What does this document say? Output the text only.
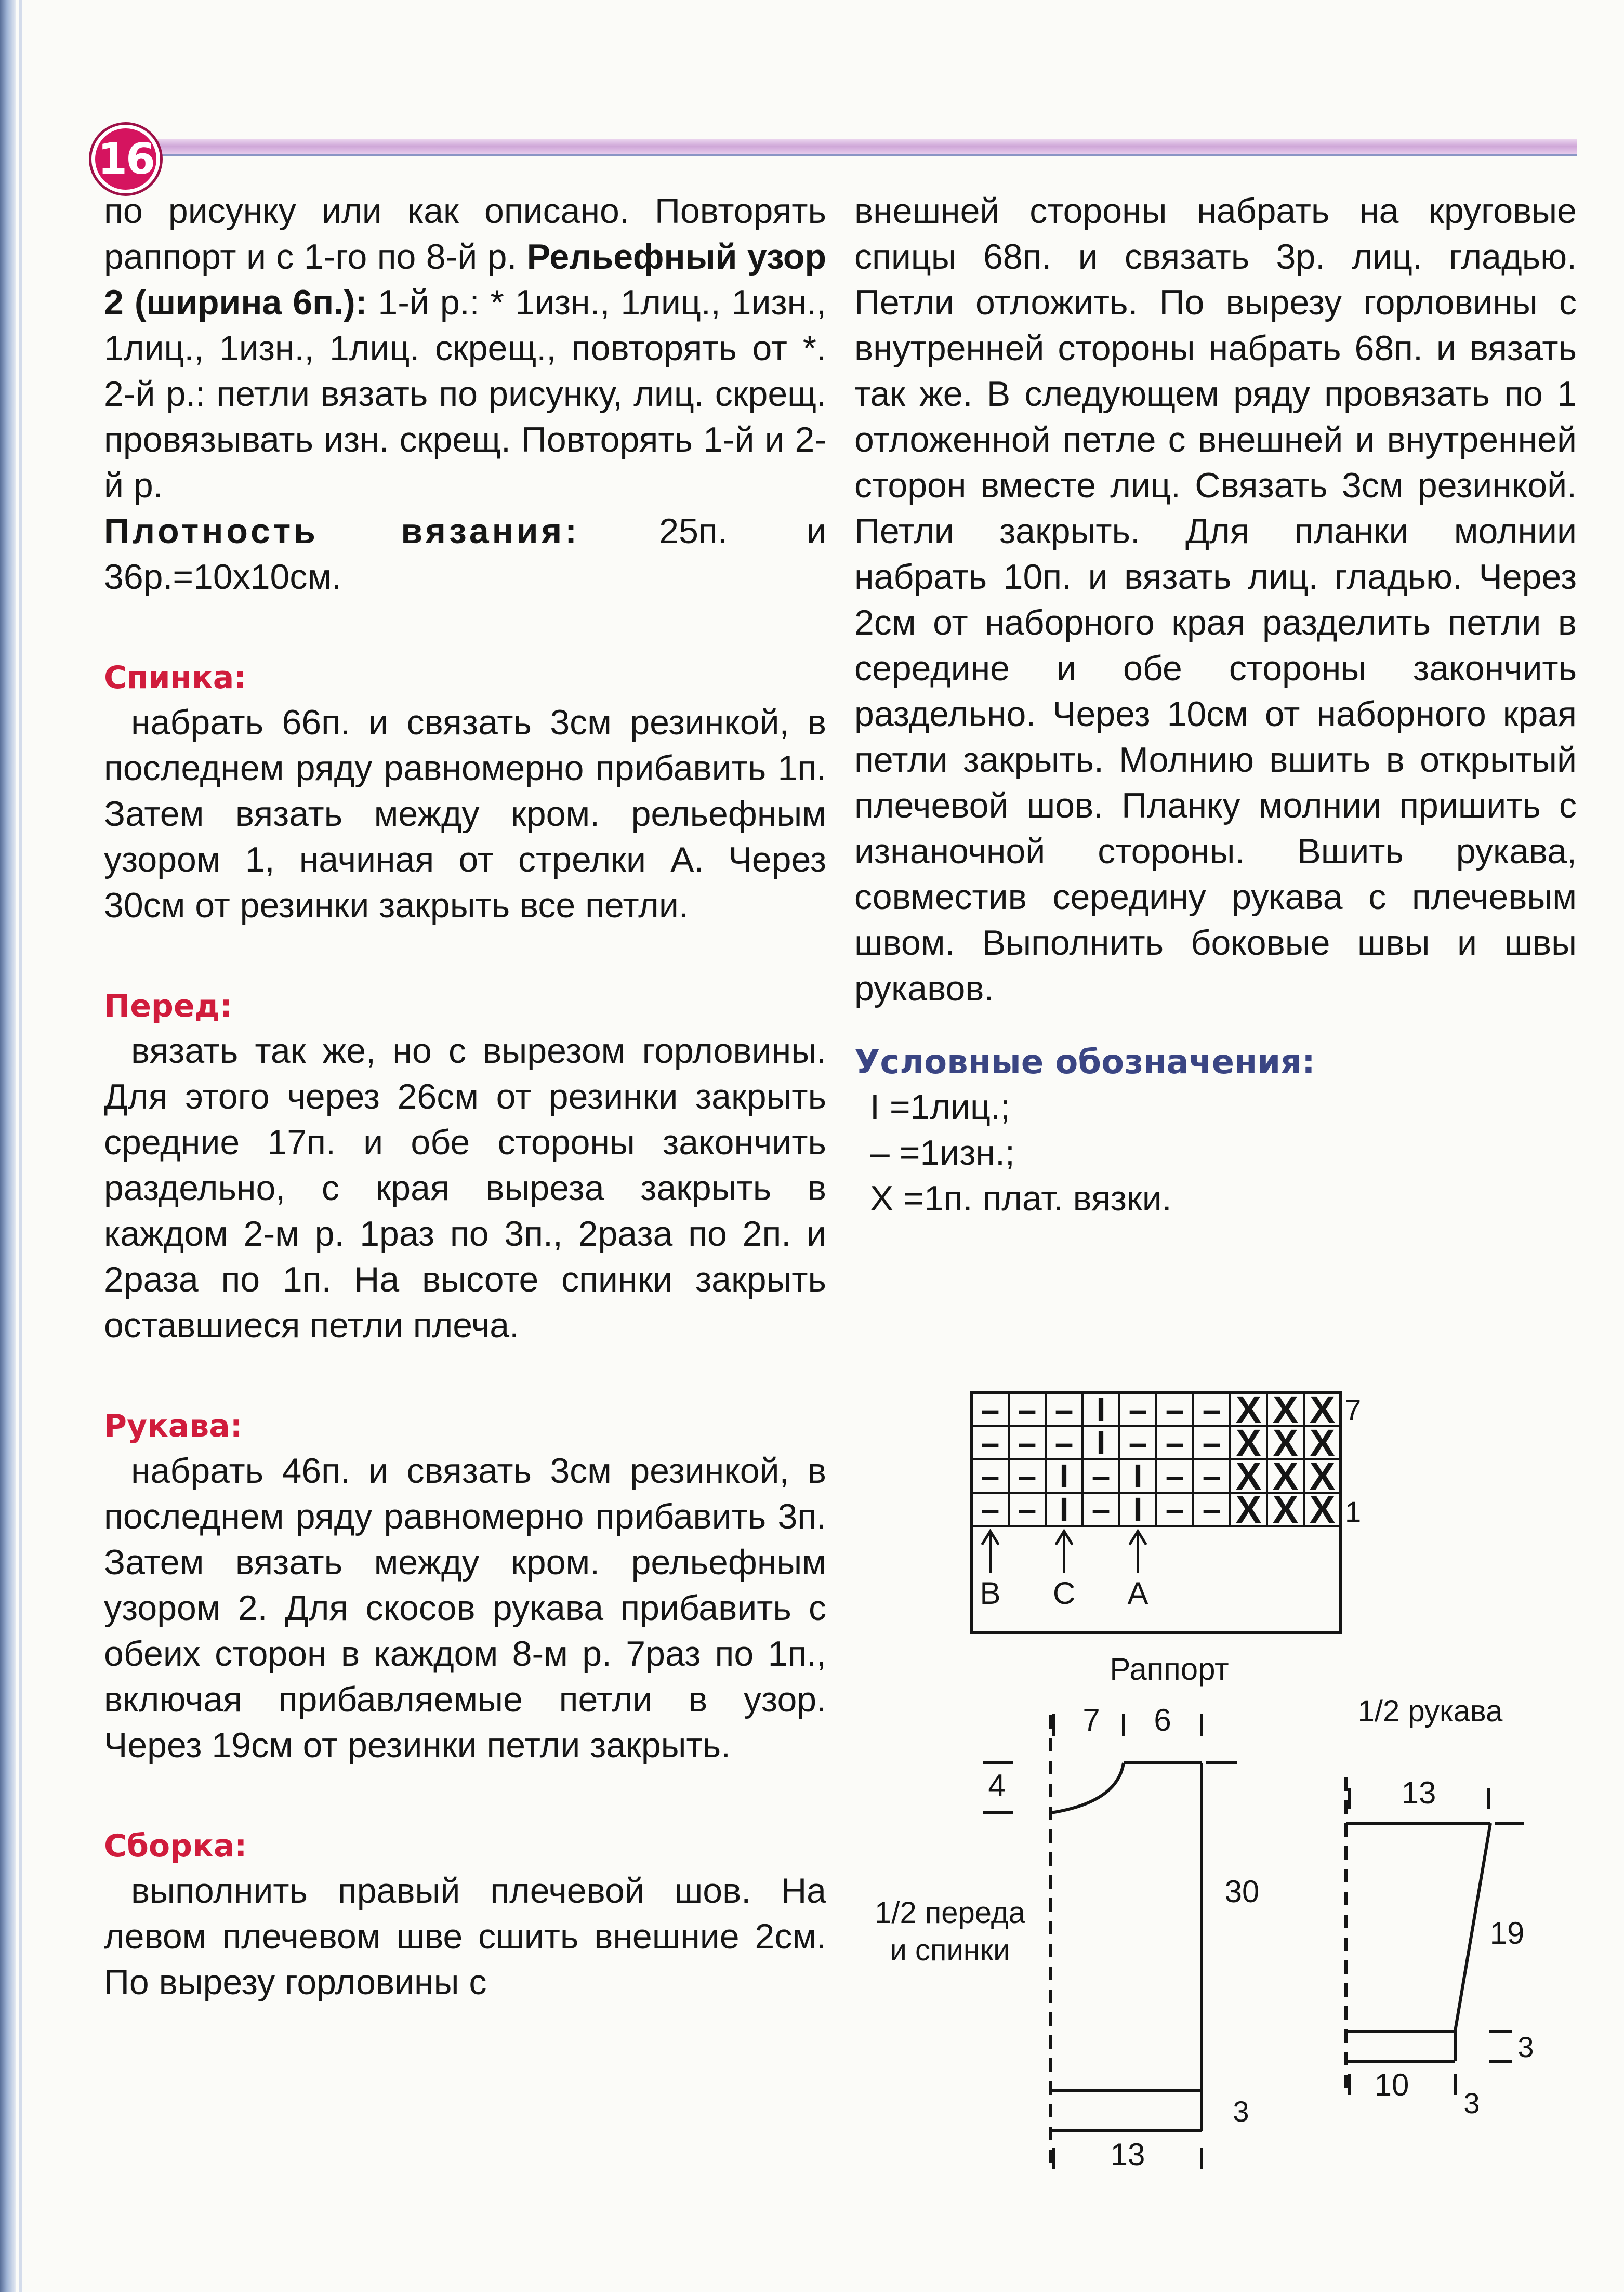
16

по рисунку или как описано. Повторять раппорт и с 1-го по 8-й р. Рельефный узор 2 (ширина 6п.): 1-й р.: * 1изн., 1лиц., 1изн., 1лиц., 1изн., 1лиц. скрещ., повторять от *. 2-й р.: петли вязать по рисунку, лиц. скрещ. провязывать изн. скрещ. Повторять 1-й и 2-й р.

Плотность вязания: 25п. и 36р.=10х10см.

Спинка:

набрать 66п. и связать 3см резинкой, в последнем ряду равномерно прибавить 1п. Затем вязать между кром. рельефным узором 1, начиная от стрелки А. Через 30см от резинки закрыть все петли.

Перед:

вязать так же, но с вырезом горловины. Для этого через 26см от резинки закрыть средние 17п. и обе стороны закончить раздельно, с края выреза закрыть в каждом 2-м р. 1раз по 3п., 2раза по 2п. и 2раза по 1п. На высоте спинки закрыть оставшиеся петли плеча.

Рукава:

набрать 46п. и связать 3см резинкой, в последнем ряду равномерно прибавить 3п. Затем вязать между кром. рельефным узором 2. Для скосов рукава прибавить с обеих сторон в каждом 8-м р. 7раз по 1п., включая прибавляемые петли в узор. Через 19см от резинки петли закрыть.

Сборка:

выполнить правый плечевой шов. На левом плечевом шве сшить внешние 2см. По вырезу горловины с

внешней стороны набрать на круговые спицы 68п. и связать 3р. лиц. гладью. Петли отложить. По вырезу горловины с внутренней стороны набрать 68п. и вязать так же. В следующем ряду провязать по 1 отложенной петле с внешней и внутренней сторон вместе лиц. Связать 3см резинкой. Петли закрыть. Для планки молнии набрать 10п. и вязать лиц. гладью. Через 2см от наборного края разделить петли в середине и обе стороны закончить раздельно. Через 10см от наборного края петли закрыть. Молнию вшить в открытый плечевой шов. Планку молнии пришить с изнаночной стороны. Вшить рукава, совместив середину рукава с плечевым швом. Выполнить боковые швы и швы рукавов.

Условные обозначения:
I =1лиц.;
– =1изн.;
X =1п. плат. вязки.
– – – I – – – X X X
– – – I – – – X X X
– – I – I – – X X X
– – I – I – – X X X
7
1
B C A
Раппорт
7 6
4
30
3
13
1/2 переда
и спинки
1/2 рукава
13
19
3
10
3
